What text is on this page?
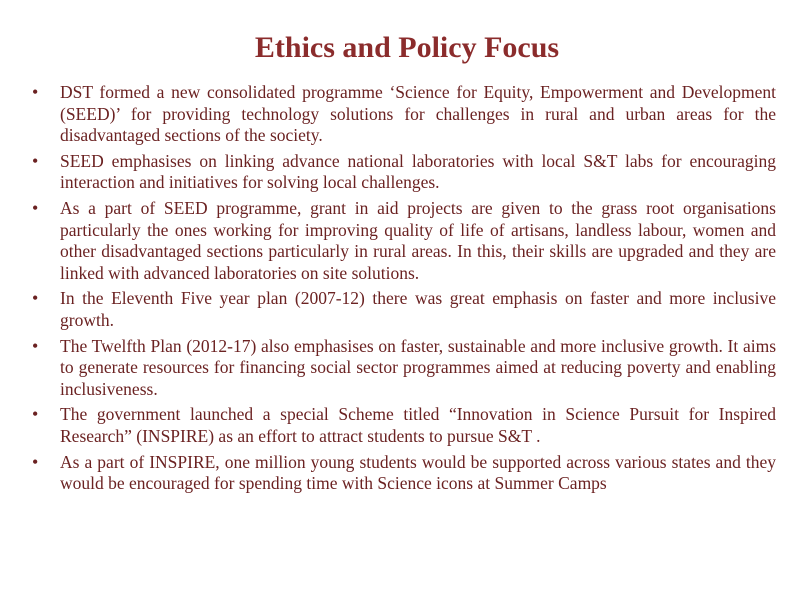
Ethics and Policy Focus
• DST formed a new consolidated programme ‘Science for Equity, Empowerment and Development (SEED)’ for providing technology solutions for challenges in rural and urban areas for the disadvantaged sections of the society.
• SEED emphasises on linking advance national laboratories with local S&T labs for encouraging interaction and initiatives for solving local challenges.
• As a part of SEED programme, grant in aid projects are given to the grass root organisations particularly the ones working for improving quality of life of artisans, landless labour, women and other disadvantaged sections particularly in rural areas. In this, their skills are upgraded and they are linked with advanced laboratories on site solutions.
• In the Eleventh Five year plan (2007-12) there was great emphasis on faster and more inclusive growth.
• The Twelfth Plan (2012-17) also emphasises on faster, sustainable and more inclusive growth. It aims to generate resources for financing social sector programmes aimed at reducing poverty and enabling inclusiveness.
• The government launched a special Scheme titled “Innovation in Science Pursuit for Inspired Research” (INSPIRE) as an effort to attract students to pursue S&T .
• As a part of INSPIRE, one million young students would be supported across various states and they would be encouraged for spending time with Science icons at Summer Camps
